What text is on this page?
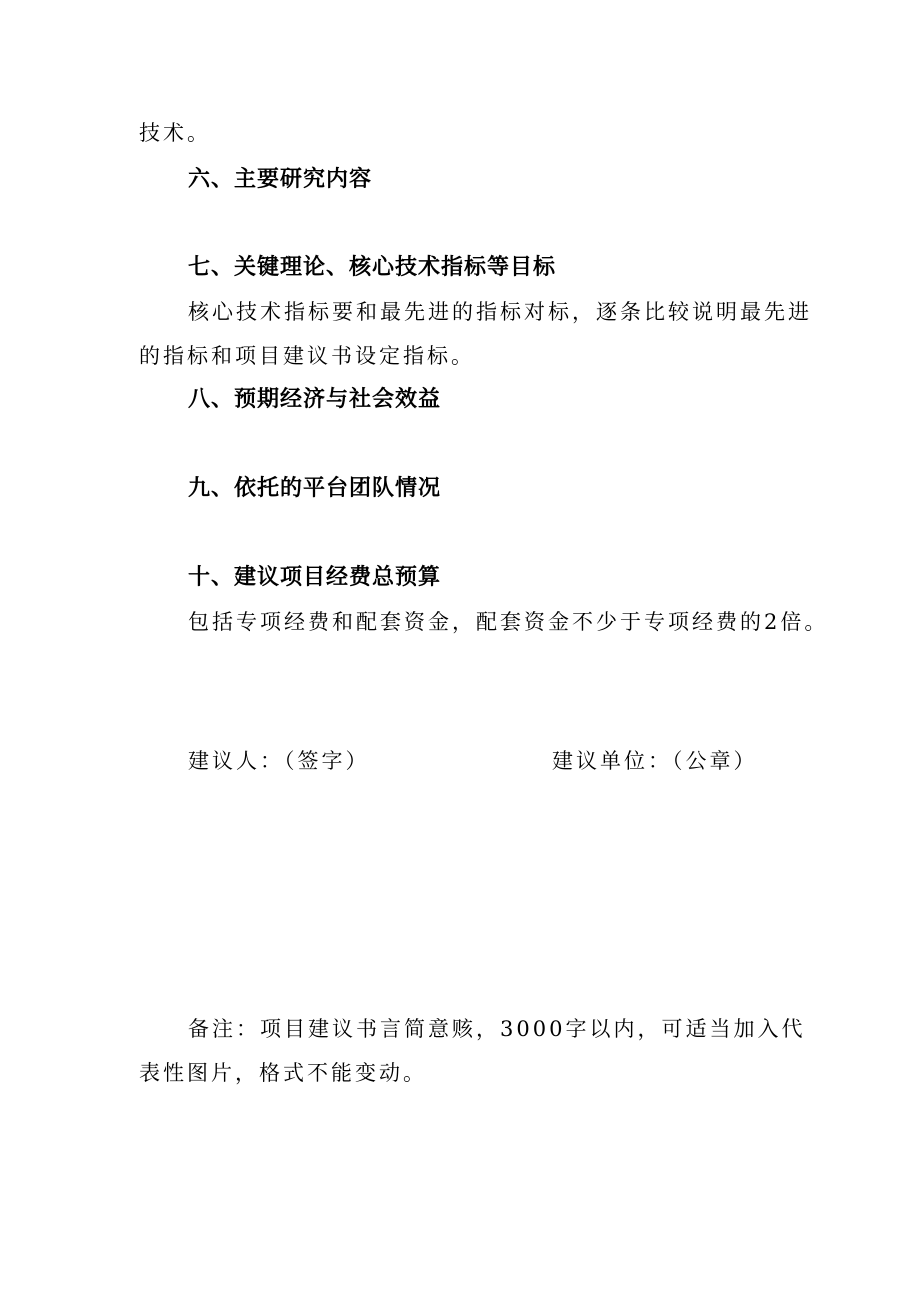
技术。
六、主要研究内容
七、关键理论、核心技术指标等目标
核心技术指标要和最先进的指标对标，逐条比较说明最先进
的指标和项目建议书设定指标。
八、预期经济与社会效益
九、依托的平台团队情况
十、建议项目经费总预算
包括专项经费和配套资金，配套资金不少于专项经费的2倍。
建议人：（签字）	建议单位：（公章）
备注：项目建议书言简意赅，3000字以内，可适当加入代
表性图片，格式不能变动。
